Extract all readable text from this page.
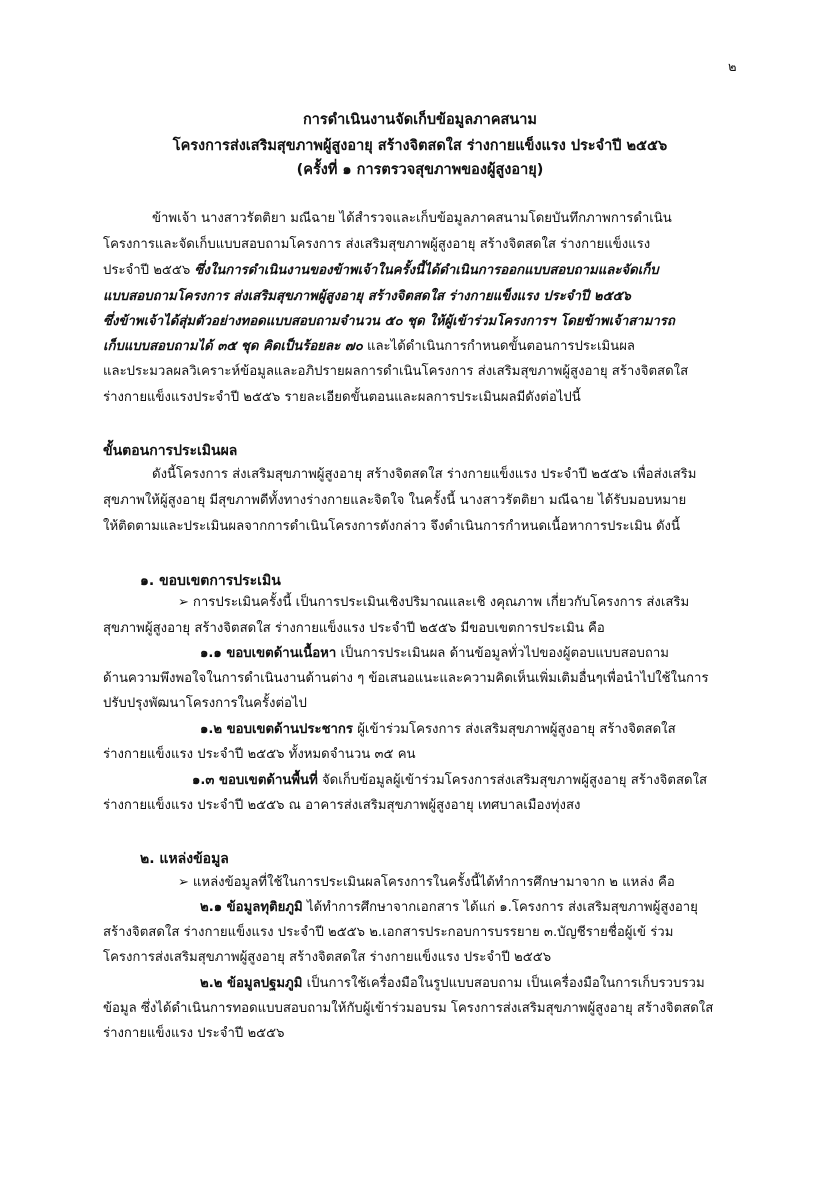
๒
การดำเนินงานจัดเก็บข้อมูลภาคสนาม
โครงการส่งเสริมสุขภาพผู้สูงอายุ สร้างจิตสดใส ร่างกายแข็งแรง ประจำปี ๒๕๕๖
(ครั้งที่ ๑ การตรวจสุขภาพของผู้สูงอายุ)
ข้าพเจ้า นางสาวรัตติยา มณีฉาย ได้สำรวจและเก็บข้อมูลภาคสนามโดยบันทึกภาพการดำเนิน
โครงการและจัดเก็บแบบสอบถามโครงการ ส่งเสริมสุขภาพผู้สูงอายุ สร้างจิตสดใส ร่างกายแข็งแรง
ประจำปี ๒๕๕๖ ซึ่งในการดำเนินงานของข้าพเจ้าในครั้งนี้ได้ดำเนินการออกแบบสอบถามและจัดเก็บ
แบบสอบถามโครงการ ส่งเสริมสุขภาพผู้สูงอายุ สร้างจิตสดใส ร่างกายแข็งแรง ประจำปี ๒๕๕๖
ซึ่งข้าพเจ้าได้สุ่มตัวอย่างทอดแบบสอบถามจำนวน ๕๐ ชุด ให้ผู้เข้าร่วมโครงการฯ โดยข้าพเจ้าสามารถ
เก็บแบบสอบถามได้ ๓๕ ชุด คิดเป็นร้อยละ ๗๐ และได้ดำเนินการกำหนดขั้นตอนการประเมินผล
และประมวลผลวิเคราะห์ข้อมูลและอภิปรายผลการดำเนินโครงการ ส่งเสริมสุขภาพผู้สูงอายุ สร้างจิตสดใส
ร่างกายแข็งแรงประจำปี ๒๕๕๖ รายละเอียดขั้นตอนและผลการประเมินผลมีดังต่อไปนี้
ขั้นตอนการประเมินผล
ดังนี้โครงการ ส่งเสริมสุขภาพผู้สูงอายุ สร้างจิตสดใส ร่างกายแข็งแรง ประจำปี ๒๕๕๖ เพื่อส่งเสริม
สุขภาพให้ผู้สูงอายุ มีสุขภาพดีทั้งทางร่างกายและจิตใจ ในครั้งนี้ นางสาวรัตติยา มณีฉาย ได้รับมอบหมาย
ให้ติดตามและประเมินผลจากการดำเนินโครงการดังกล่าว จึงดำเนินการกำหนดเนื้อหาการประเมิน ดังนี้
๑. ขอบเขตการประเมิน
➢ การประเมินครั้งนี้ เป็นการประเมินเชิงปริมาณและเชิ งคุณภาพ เกี่ยวกับโครงการ ส่งเสริม
สุขภาพผู้สูงอายุ สร้างจิตสดใส ร่างกายแข็งแรง ประจำปี ๒๕๕๖ มีขอบเขตการประเมิน คือ
๑.๑ ขอบเขตด้านเนื้อหา เป็นการประเมินผล ด้านข้อมูลทั่วไปของผู้ตอบแบบสอบถาม
ด้านความพึงพอใจในการดำเนินงานด้านต่าง ๆ ข้อเสนอแนะและความคิดเห็นเพิ่มเติมอื่นๆเพื่อนำไปใช้ในการ
ปรับปรุงพัฒนาโครงการในครั้งต่อไป
๑.๒ ขอบเขตด้านประชากร ผู้เข้าร่วมโครงการ ส่งเสริมสุขภาพผู้สูงอายุ สร้างจิตสดใส
ร่างกายแข็งแรง ประจำปี ๒๕๕๖ ทั้งหมดจำนวน ๓๕ คน
๑.๓ ขอบเขตด้านพื้นที่ จัดเก็บข้อมูลผู้เข้าร่วมโครงการส่งเสริมสุขภาพผู้สูงอายุ สร้างจิตสดใส
ร่างกายแข็งแรง ประจำปี ๒๕๕๖ ณ อาคารส่งเสริมสุขภาพผู้สูงอายุ เทศบาลเมืองทุ่งสง
๒. แหล่งข้อมูล
➢ แหล่งข้อมูลที่ใช้ในการประเมินผลโครงการในครั้งนี้ได้ทำการศึกษามาจาก ๒ แหล่ง คือ
๒.๑ ข้อมูลทุติยภูมิ ได้ทำการศึกษาจากเอกสาร ได้แก่ ๑.โครงการ ส่งเสริมสุขภาพผู้สูงอายุ
สร้างจิตสดใส ร่างกายแข็งแรง ประจำปี ๒๕๕๖ ๒.เอกสารประกอบการบรรยาย ๓.บัญชีรายชื่อผู้เข้ ร่วม
โครงการส่งเสริมสุขภาพผู้สูงอายุ สร้างจิตสดใส ร่างกายแข็งแรง ประจำปี ๒๕๕๖
๒.๒ ข้อมูลปฐมภูมิ เป็นการใช้เครื่องมือในรูปแบบสอบถาม เป็นเครื่องมือในการเก็บรวบรวม
ข้อมูล ซึ่งได้ดำเนินการทอดแบบสอบถามให้กับผู้เข้าร่วมอบรม โครงการส่งเสริมสุขภาพผู้สูงอายุ สร้างจิตสดใส
ร่างกายแข็งแรง ประจำปี ๒๕๕๖
